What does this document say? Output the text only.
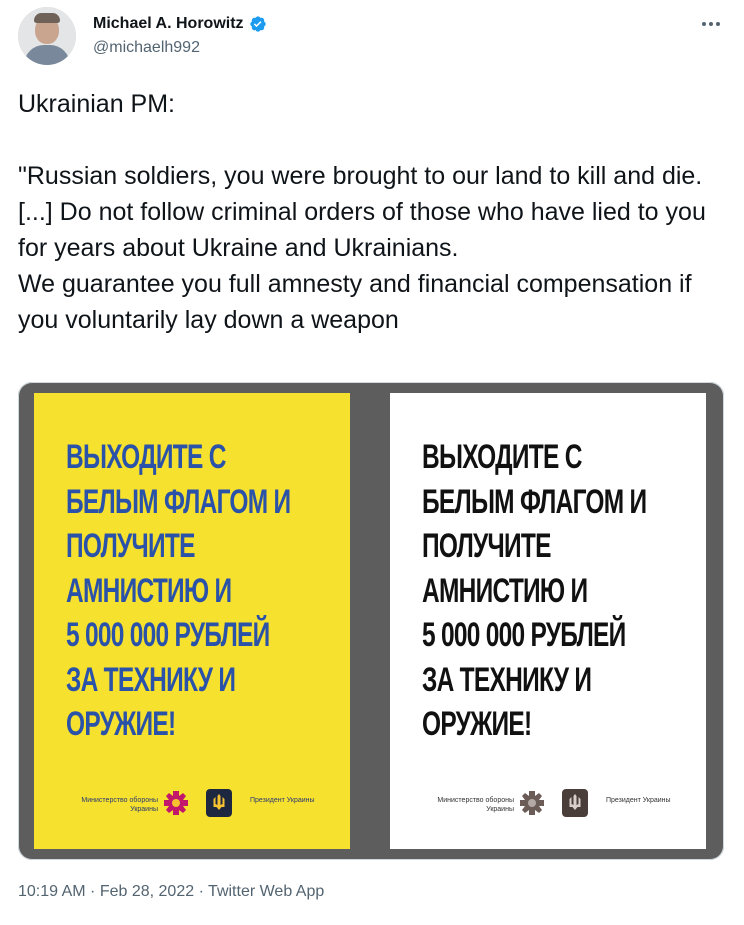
Michael A. Horowitz
@michaelh992

Ukrainian PM:

"Russian soldiers, you were brought to our land to kill and die. [...] Do not follow criminal orders of those who have lied to you for years about Ukraine and Ukrainians.

We guarantee you full amnesty and financial compensation if you voluntarily lay down a weapon

ВЫХОДИТЕ С
БЕЛЫМ ФЛАГОМ И
ПОЛУЧИТЕ
АМНИСТИЮ И
5 000 000 РУБЛЕЙ
ЗА ТЕХНИКУ И
ОРУЖИЕ!
Министерство обороны Украины
Президент Украины
ВЫХОДИТЕ С
БЕЛЫМ ФЛАГОМ И
ПОЛУЧИТЕ
АМНИСТИЮ И
5 000 000 РУБЛЕЙ
ЗА ТЕХНИКУ И
ОРУЖИЕ!
Министерство обороны Украины
Президент Украины
10:19 AM · Feb 28, 2022 · Twitter Web App
